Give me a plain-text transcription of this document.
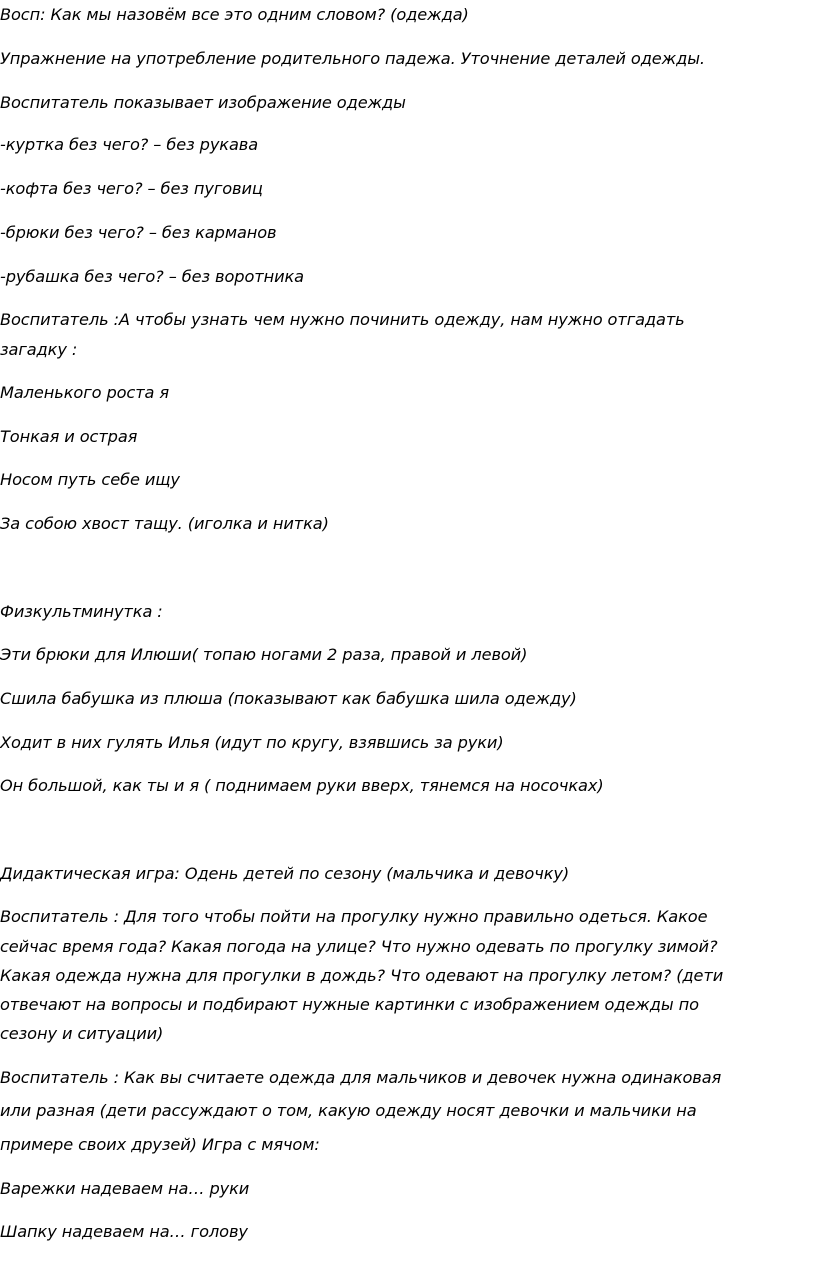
Восп: Как мы назовём все это одним словом? (одежда)

Упражнение на употребление родительного падежа. Уточнение деталей одежды.

Воспитатель показывает изображение одежды

-куртка без чего? – без рукава

-кофта без чего? – без пуговиц

-брюки без чего? – без карманов

-рубашка без чего? – без воротника

Воспитатель :А чтобы узнать чем нужно починить одежду, нам нужно отгадать

загадку :

Маленького роста я

Тонкая и острая

Носом путь себе ищу

За собою хвост тащу. (иголка и нитка)

Физкультминутка :

Эти брюки для Илюши( топаю ногами 2 раза, правой и левой)

Сшила бабушка из плюша (показывают как бабушка шила одежду)

Ходит в них гулять Илья (идут по кругу, взявшись за руки)

Он большой, как ты и я ( поднимаем руки вверх, тянемся на носочках)

Дидактическая игра: Одень детей по сезону (мальчика и девочку)

Воспитатель : Для того чтобы пойти на прогулку нужно правильно одеться. Какое

сейчас время года? Какая погода на улице? Что нужно одевать по прогулку зимой?

Какая одежда нужна для прогулки в дождь? Что одевают на прогулку летом? (дети

отвечают на вопросы и подбирают нужные картинки с изображением одежды по

сезону и ситуации)

Воспитатель : Как вы считаете одежда для мальчиков и девочек нужна одинаковая

или разная (дети рассуждают о том, какую одежду носят девочки и мальчики на

примере своих друзей) Игра с мячом:

Варежки надеваем на… руки

Шапку надеваем на… голову
